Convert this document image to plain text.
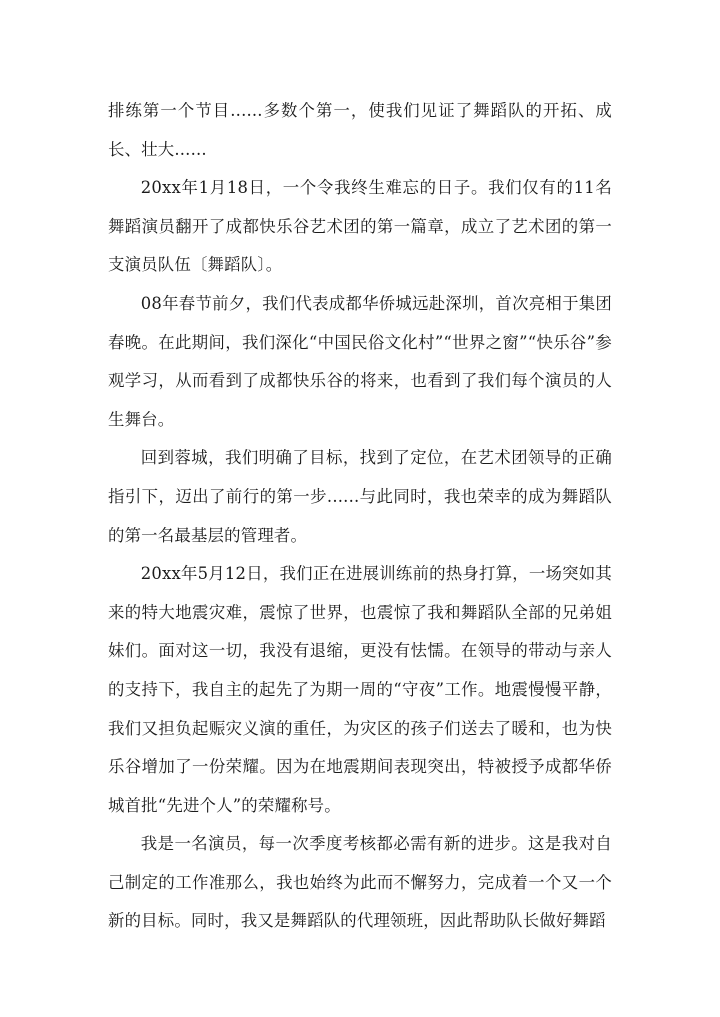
排练第一个节目......多数个第一，使我们见证了舞蹈队的开拓、成长、壮大......

20xx年1月18日，一个令我终生难忘的日子。我们仅有的11名舞蹈演员翻开了成都快乐谷艺术团的第一篇章，成立了艺术团的第一支演员队伍〔舞蹈队〕。

08年春节前夕，我们代表成都华侨城远赴深圳，首次亮相于集团春晚。在此期间，我们深化“中国民俗文化村”“世界之窗”“快乐谷”参观学习，从而看到了成都快乐谷的将来，也看到了我们每个演员的人生舞台。

回到蓉城，我们明确了目标，找到了定位，在艺术团领导的正确指引下，迈出了前行的第一步......与此同时，我也荣幸的成为舞蹈队的第一名最基层的管理者。

20xx年5月12日，我们正在进展训练前的热身打算，一场突如其来的特大地震灾难，震惊了世界，也震惊了我和舞蹈队全部的兄弟姐妹们。面对这一切，我没有退缩，更没有怯懦。在领导的带动与亲人的支持下，我自主的起先了为期一周的“守夜”工作。地震慢慢平静，我们又担负起赈灾义演的重任，为灾区的孩子们送去了暖和，也为快乐谷增加了一份荣耀。因为在地震期间表现突出，特被授予成都华侨城首批“先进个人”的荣耀称号。

我是一名演员，每一次季度考核都必需有新的进步。这是我对自己制定的工作准那么，我也始终为此而不懈努力，完成着一个又一个新的目标。同时，我又是舞蹈队的代理领班，因此帮助队长做好舞蹈
